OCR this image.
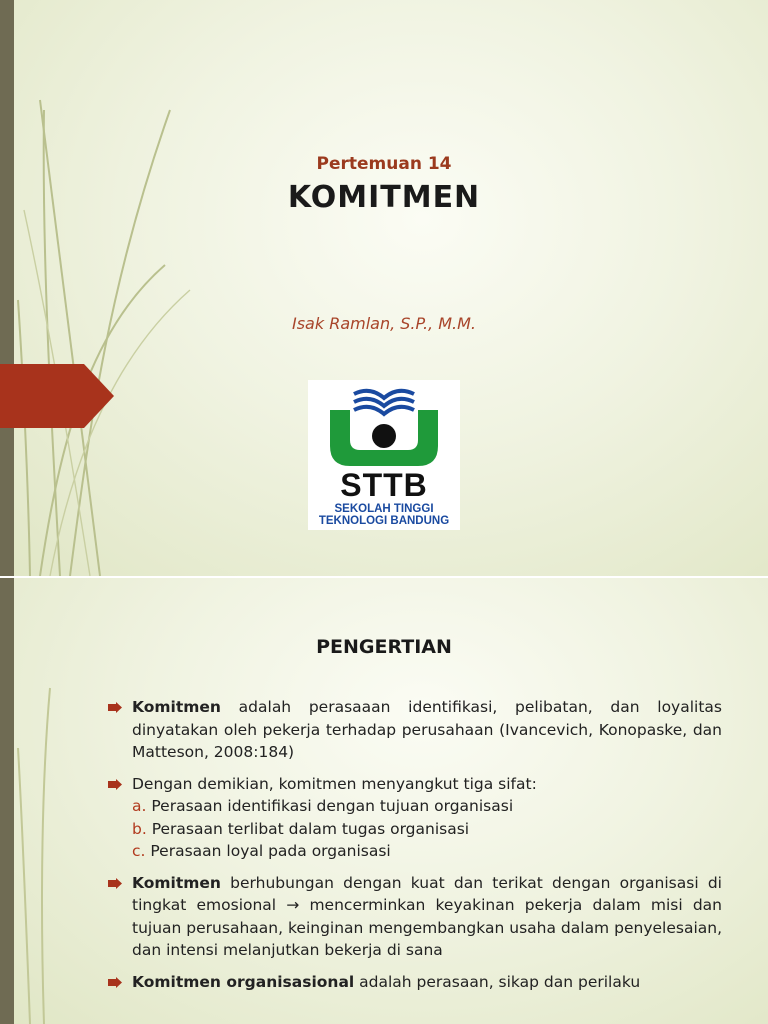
Pertemuan 14
KOMITMEN
Isak Ramlan, S.P., M.M.
STTB
SEKOLAH TINGGI
TEKNOLOGI BANDUNG
PENGERTIAN
Komitmen adalah perasaaan identifikasi, pelibatan, dan loyalitas dinyatakan oleh pekerja terhadap perusahaan (Ivancevich, Konopaske, dan Matteson, 2008:184)
Dengan demikian, komitmen menyangkut tiga sifat:
a. Perasaan identifikasi dengan tujuan organisasi
b. Perasaan terlibat dalam tugas organisasi
c. Perasaan loyal pada organisasi
Komitmen berhubungan dengan kuat dan terikat dengan organisasi di tingkat emosional → mencerminkan keyakinan pekerja dalam misi dan tujuan perusahaan, keinginan mengembangkan usaha dalam penyelesaian, dan intensi melanjutkan bekerja di sana
Komitmen organisasional adalah perasaan, sikap dan perilaku
